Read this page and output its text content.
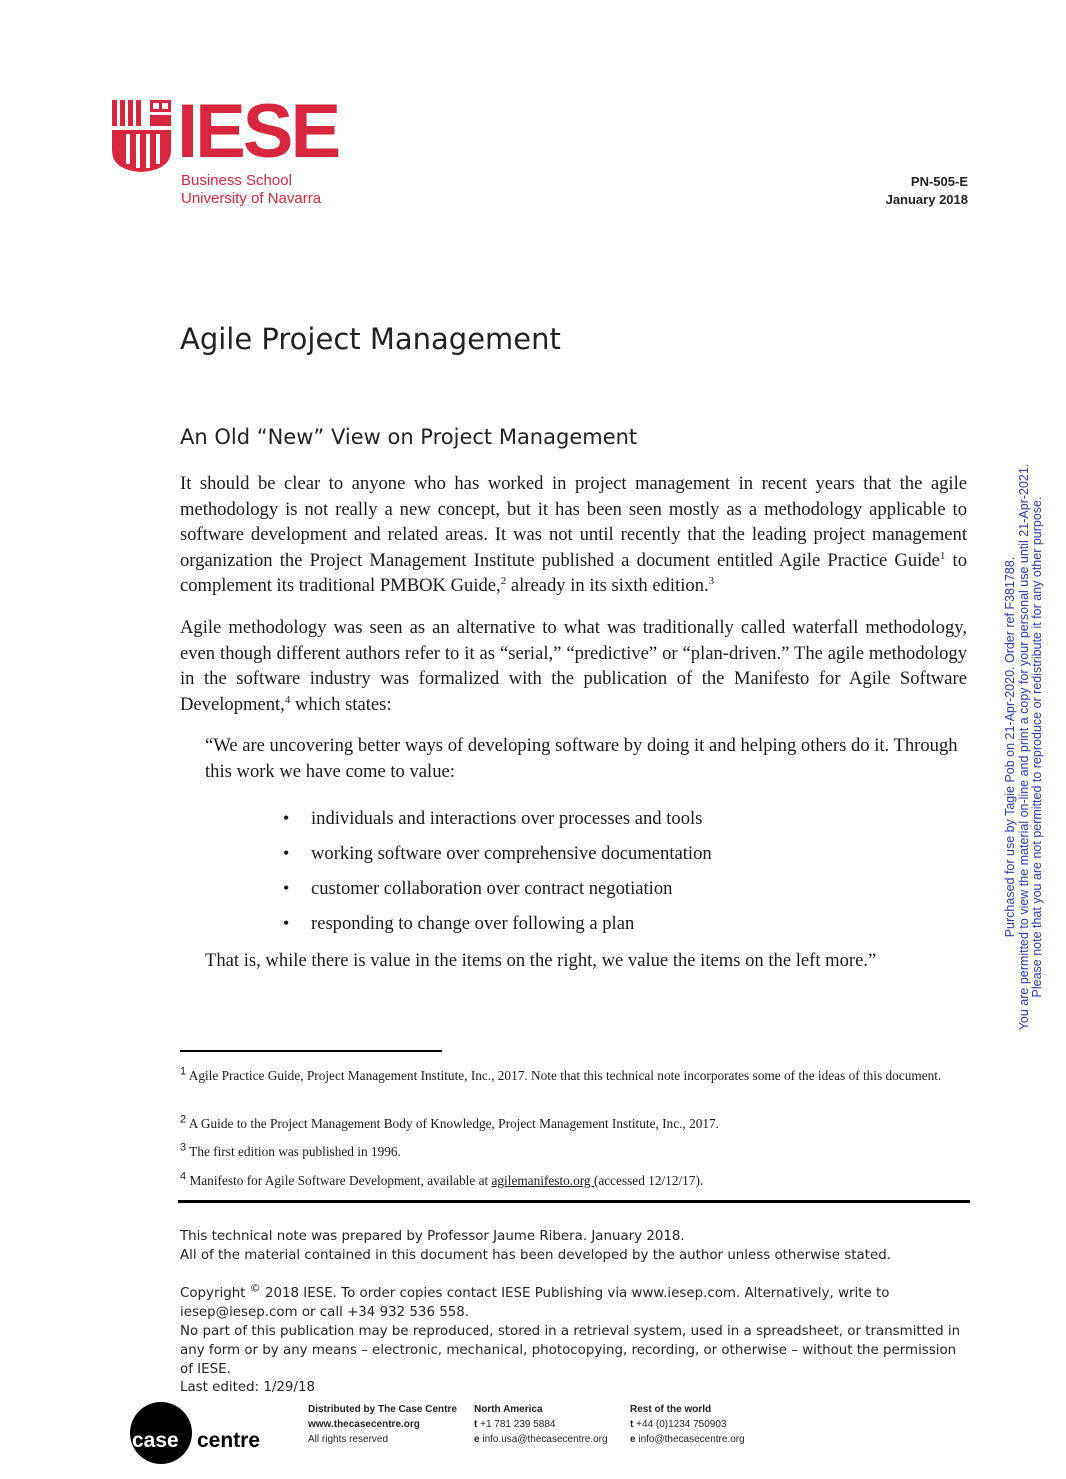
IESE
Business School
University of Navarra
PN-505-E
January 2018
Agile Project Management
An Old “New” View on Project Management

It should be clear to anyone who has worked in project management in recent years that the agile methodology is not really a new concept, but it has been seen mostly as a methodology applicable to software development and related areas. It was not until recently that the leading project management organization the Project Management Institute published a document entitled Agile Practice Guide$^1$ to complement its traditional PMBOK Guide,$^2$ already in its sixth edition.$^3$

Agile methodology was seen as an alternative to what was traditionally called waterfall methodology, even though different authors refer to it as “serial,” “predictive” or “plan-driven.” The agile methodology in the software industry was formalized with the publication of the Manifesto for Agile Software Development,$^4$ which states:

“We are uncovering better ways of developing software by doing it and helping others do it. Through this work we have come to value:

• individuals and interactions over processes and tools
• working software over comprehensive documentation
• customer collaboration over contract negotiation
• responding to change over following a plan

That is, while there is value in the items on the right, we value the items on the left more.”

Purchased for use by Tagie Pob on 21-Apr-2020. Order ref F381788. You are permitted to view the material on-line and print a copy for your personal use until 21-Apr-2021. Please note that you are not permitted to reproduce or redistribute it for any other purpose.

$^1$ Agile Practice Guide, Project Management Institute, Inc., 2017. Note that this technical note incorporates some of the ideas of this document.

$^2$ A Guide to the Project Management Body of Knowledge, Project Management Institute, Inc., 2017.

$^3$ The first edition was published in 1996.

$^4$ Manifesto for Agile Software Development, available at agilemanifesto.org (accessed 12/12/17).

This technical note was prepared by Professor Jaume Ribera. January 2018.
All of the material contained in this document has been developed by the author unless otherwise stated.
Copyright © 2018 IESE. To order copies contact IESE Publishing via www.iesep.com. Alternatively, write to iesep@iesep.com or call +34 932 536 558.
No part of this publication may be reproduced, stored in a retrieval system, used in a spreadsheet, or transmitted in any form or by any means – electronic, mechanical, photocopying, recording, or otherwise – without the permission of IESE.
Last edited: 1/29/18
case centre
Distributed by The Case Centre
www.thecasecentre.org
All rights reserved
North America
t +1 781 239 5884
e info.usa@thecasecentre.org
Rest of the world
t +44 (0)1234 750903
e info@thecasecentre.org
